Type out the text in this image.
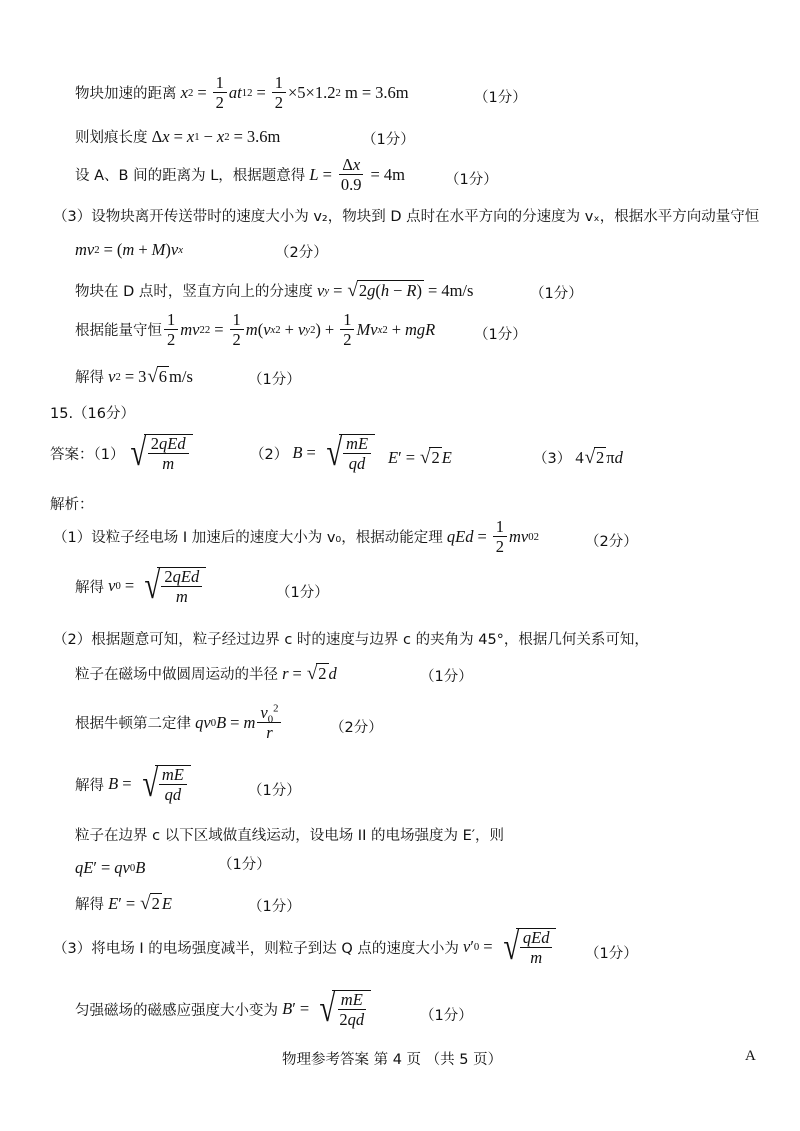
物块加速的距离
x $2 = \frac{1}{2}$ at 1 $2 = \frac{1}{2} \times 5\times 1.2$ 2 m = 3.6m	（1分）
则划痕长度 Δ x = x 1 − x 2 = 3.6m	（1分）
设 A、B 间的距离为 L，根据题意得
$L = \frac{\Delta x}{0.9} = 4m$	（1分）
（3）设物块离开传送带时的速度大小为 v₂，物块到 D 点时在水平方向的分速度为 vₓ，根据水平方向动量守恒
mv 2 = ( m + M ) v x	（2分）
物块在 D 点时，竖直方向上的分速度
v y = √ 2 g ( h − R ) = 4m/s	（1分）
根据能量守恒 $\frac{1}{2}$ mv 2 $2 = \frac{1}{2}$ m ( v x 2 + v y 2 ) + $\frac{1}{2}$ Mv x 2 + mgR	（1分）
解得
v 2 = 3 √ 6 m/s	（1分）
15.（16分）
答案：（1） √ $\frac{\text{2qEd}}{m}$	（2）
B = √ $\frac{mE}{qd}$ E ′ = √ 2 E	（3） 4 √ 2 π d
解析：
（1）设粒子经电场 I 加速后的速度大小为 v₀，根据动能定理
qEd = $\frac{1}{2}$ mv 0 2	（2分）
解得
v 0 = √ $\frac{\text{2qEd}}{m}$	（1分）
（2）根据题意可知，粒子经过边界 c 时的速度与边界 c 的夹角为 45°，根据几何关系可知，
粒子在磁场中做圆周运动的半径
r = √ 2 d	（1分）
根据牛顿第二定律
qv 0 B = m $\frac{v_0^2}{r}$	（2分）
解得
B = √ $\frac{mE}{qd}$	（1分）
粒子在边界 c 以下区域做直线运动，设电场 II 的电场强度为 E′，则
qE ′ = qv 0 B	（1分）
解得
E ′ = √ 2 E	（1分）
（3）将电场 I 的电场强度减半，则粒子到达 Q 点的速度大小为
v ′ 0 = √ $\frac{\text{qEd}}{m} (1$分）
匀强磁场的磁感应强度大小变为
B ′ = √ $\frac{mE}{2qd}$	（1分）
物理参考答案 第 4 页 （共 5 页）	A
